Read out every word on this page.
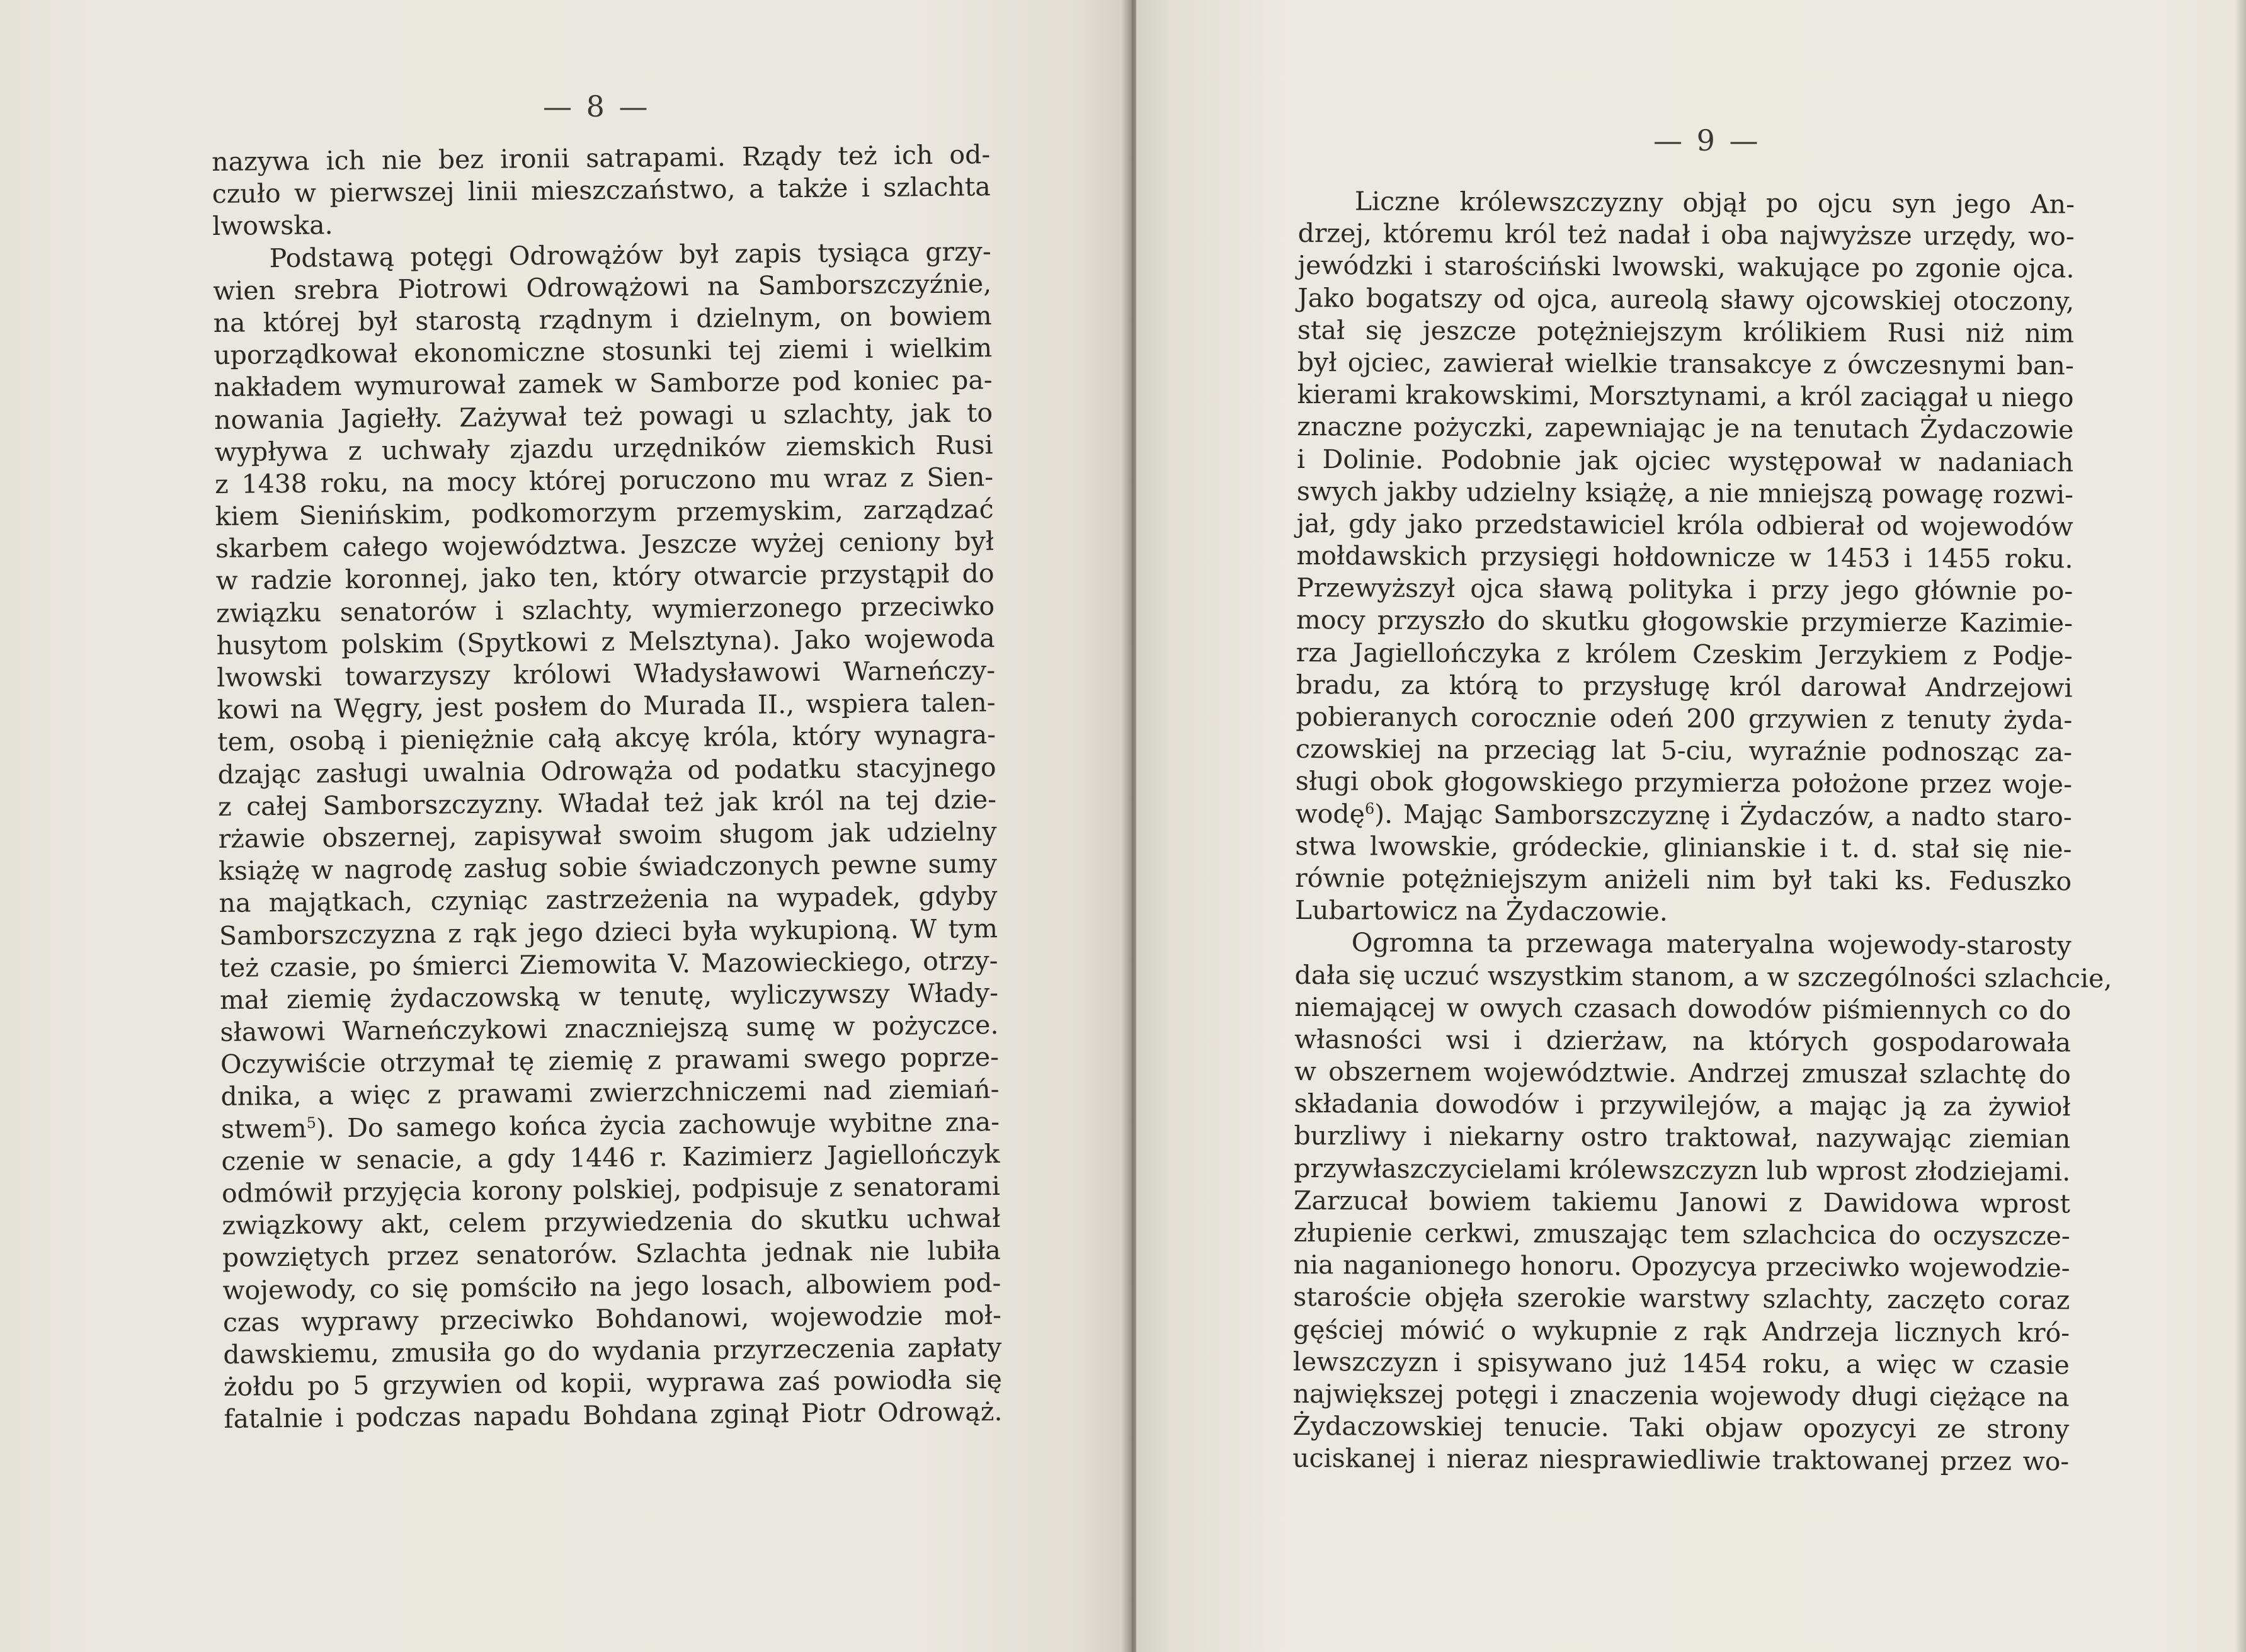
— 8 —
nazywa ich nie bez ironii satrapami. Rządy też ich od-
czuło w pierwszej linii mieszczaństwo, a także i szlachta
lwowska.
Podstawą potęgi Odrowążów był zapis tysiąca grzy-
wien srebra Piotrowi Odrowążowi na Samborszczyźnie,
na której był starostą rządnym i dzielnym, on bowiem
uporządkował ekonomiczne stosunki tej ziemi i wielkim
nakładem wymurował zamek w Samborze pod koniec pa-
nowania Jagiełły. Zażywał też powagi u szlachty, jak to
wypływa z uchwały zjazdu urzędników ziemskich Rusi
z 1438 roku, na mocy której poruczono mu wraz z Sien-
kiem Sienińskim, podkomorzym przemyskim, zarządzać
skarbem całego województwa. Jeszcze wyżej ceniony był
w radzie koronnej, jako ten, który otwarcie przystąpił do
związku senatorów i szlachty, wymierzonego przeciwko
husytom polskim (Spytkowi z Melsztyna). Jako wojewoda
lwowski towarzyszy królowi Władysławowi Warneńczy-
kowi na Węgry, jest posłem do Murada II., wspiera talen-
tem, osobą i pieniężnie całą akcyę króla, który wynagra-
dzając zasługi uwalnia Odrowąża od podatku stacyjnego
z całej Samborszczyzny. Władał też jak król na tej dzie-
rżawie obszernej, zapisywał swoim sługom jak udzielny
książę w nagrodę zasług sobie świadczonych pewne sumy
na majątkach, czyniąc zastrzeżenia na wypadek, gdyby
Samborszczyzna z rąk jego dzieci była wykupioną. W tym
też czasie, po śmierci Ziemowita V. Mazowieckiego, otrzy-
mał ziemię żydaczowską w tenutę, wyliczywszy Włady-
sławowi Warneńczykowi znaczniejszą sumę w pożyczce.
Oczywiście otrzymał tę ziemię z prawami swego poprze-
dnika, a więc z prawami zwierzchniczemi nad ziemiań-
stwem$^5$). Do samego końca życia zachowuje wybitne zna-
czenie w senacie, a gdy 1446 r. Kazimierz Jagiellończyk
odmówił przyjęcia korony polskiej, podpisuje z senatorami
związkowy akt, celem przywiedzenia do skutku uchwał
powziętych przez senatorów. Szlachta jednak nie lubiła
wojewody, co się pomściło na jego losach, albowiem pod-
czas wyprawy przeciwko Bohdanowi, wojewodzie moł-
dawskiemu, zmusiła go do wydania przyrzeczenia zapłaty
żołdu po 5 grzywien od kopii, wyprawa zaś powiodła się
fatalnie i podczas napadu Bohdana zginął Piotr Odrowąż.
— 9 —
Liczne królewszczyzny objął po ojcu syn jego An-
drzej, któremu król też nadał i oba najwyższe urzędy, wo-
jewódzki i starościński lwowski, wakujące po zgonie ojca.
Jako bogatszy od ojca, aureolą sławy ojcowskiej otoczony,
stał się jeszcze potężniejszym królikiem Rusi niż nim
był ojciec, zawierał wielkie transakcye z ówczesnymi ban-
kierami krakowskimi, Morsztynami, a król zaciągał u niego
znaczne pożyczki, zapewniając je na tenutach Żydaczowie
i Dolinie. Podobnie jak ojciec występował w nadaniach
swych jakby udzielny książę, a nie mniejszą powagę rozwi-
jał, gdy jako przedstawiciel króla odbierał od wojewodów
mołdawskich przysięgi hołdownicze w 1453 i 1455 roku.
Przewyższył ojca sławą polityka i przy jego głównie po-
mocy przyszło do skutku głogowskie przymierze Kazimie-
rza Jagiellończyka z królem Czeskim Jerzykiem z Podje-
bradu, za którą to przysługę król darował Andrzejowi
pobieranych corocznie odeń 200 grzywien z tenuty żyda-
czowskiej na przeciąg lat 5-ciu, wyraźnie podnosząc za-
sługi obok głogowskiego przymierza położone przez woje-
wodę$^6$). Mając Samborszczyznę i Żydaczów, a nadto staro-
stwa lwowskie, gródeckie, glinianskie i t. d. stał się nie-
równie potężniejszym aniżeli nim był taki ks. Feduszko
Lubartowicz na Żydaczowie.
Ogromna ta przewaga materyalna wojewody-starosty
dała się uczuć wszystkim stanom, a w szczególności szlachcie,
niemającej w owych czasach dowodów piśmiennych co do
własności wsi i dzierżaw, na których gospodarowała
w obszernem województwie. Andrzej zmuszał szlachtę do
składania dowodów i przywilejów, a mając ją za żywioł
burzliwy i niekarny ostro traktował, nazywając ziemian
przywłaszczycielami królewszczyzn lub wprost złodziejami.
Zarzucał bowiem takiemu Janowi z Dawidowa wprost
złupienie cerkwi, zmuszając tem szlachcica do oczyszcze-
nia naganionego honoru. Opozycya przeciwko wojewodzie-
staroście objęła szerokie warstwy szlachty, zaczęto coraz
gęściej mówić o wykupnie z rąk Andrzeja licznych kró-
lewszczyzn i spisywano już 1454 roku, a więc w czasie
największej potęgi i znaczenia wojewody długi ciężące na
Żydaczowskiej tenucie. Taki objaw opozycyi ze strony
uciskanej i nieraz niesprawiedliwie traktowanej przez wo-
